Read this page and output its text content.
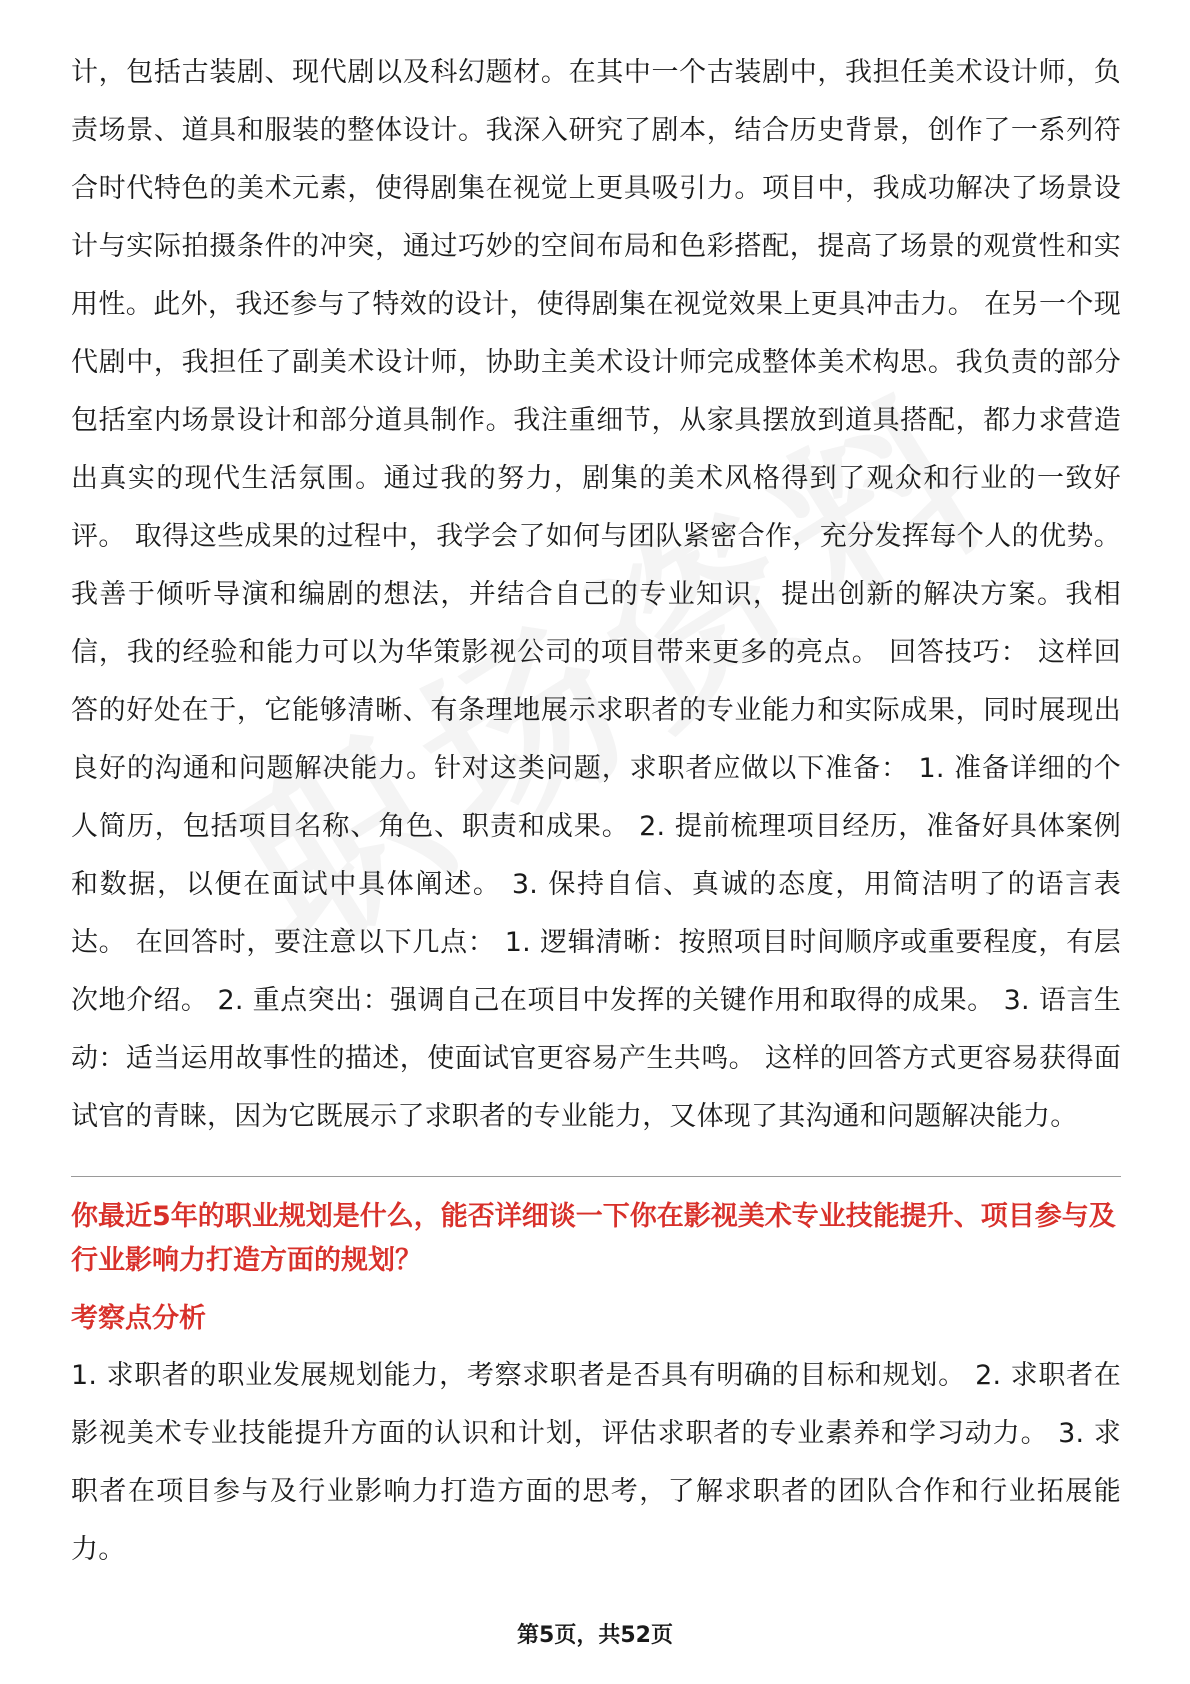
计，包括古装剧、现代剧以及科幻题材。在其中一个古装剧中，我担任美术设计师，负责场景、道具和服装的整体设计。我深入研究了剧本，结合历史背景，创作了一系列符合时代特色的美术元素，使得剧集在视觉上更具吸引力。项目中，我成功解决了场景设计与实际拍摄条件的冲突，通过巧妙的空间布局和色彩搭配，提高了场景的观赏性和实用性。此外，我还参与了特效的设计，使得剧集在视觉效果上更具冲击力。 在另一个现代剧中，我担任了副美术设计师，协助主美术设计师完成整体美术构思。我负责的部分包括室内场景设计和部分道具制作。我注重细节，从家具摆放到道具搭配，都力求营造出真实的现代生活氛围。通过我的努力，剧集的美术风格得到了观众和行业的一致好评。 取得这些成果的过程中，我学会了如何与团队紧密合作，充分发挥每个人的优势。我善于倾听导演和编剧的想法，并结合自己的专业知识，提出创新的解决方案。我相信，我的经验和能力可以为华策影视公司的项目带来更多的亮点。 回答技巧： 这样回答的好处在于，它能够清晰、有条理地展示求职者的专业能力和实际成果，同时展现出良好的沟通和问题解决能力。针对这类问题，求职者应做以下准备： 1. 准备详细的个人简历，包括项目名称、角色、职责和成果。 2. 提前梳理项目经历，准备好具体案例和数据，以便在面试中具体阐述。 3. 保持自信、真诚的态度，用简洁明了的语言表达。 在回答时，要注意以下几点： 1. 逻辑清晰：按照项目时间顺序或重要程度，有层次地介绍。 2. 重点突出：强调自己在项目中发挥的关键作用和取得的成果。 3. 语言生动：适当运用故事性的描述，使面试官更容易产生共鸣。 这样的回答方式更容易获得面试官的青睐，因为它既展示了求职者的专业能力，又体现了其沟通和问题解决能力。

你最近5年的职业规划是什么，能否详细谈一下你在影视美术专业技能提升、项目参与及行业影响力打造方面的规划？

考察点分析

1. 求职者的职业发展规划能力，考察求职者是否具有明确的目标和规划。 2. 求职者在影视美术专业技能提升方面的认识和计划，评估求职者的专业素养和学习动力。 3. 求职者在项目参与及行业影响力打造方面的思考，了解求职者的团队合作和行业拓展能力。

第5页，共52页
